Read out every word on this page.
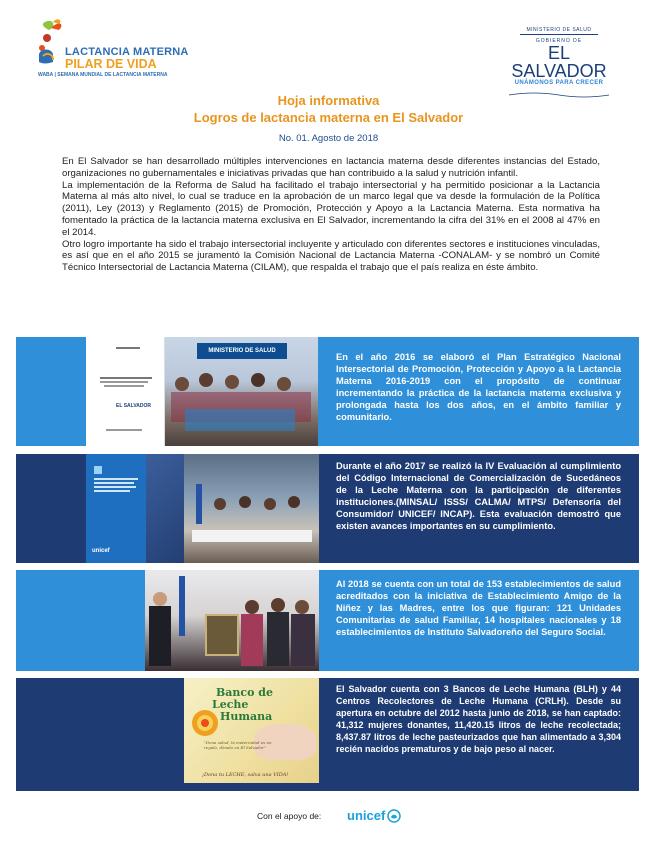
LACTANCIA MATERNA
PILAR DE VIDA
WABA | SEMANA MUNDIAL DE LACTANCIA MATERNA
MINISTERIO DE SALUD
GOBIERNO DE
EL SALVADOR
UNÁMONOS PARA CRECER
Hoja informativa
Logros de lactancia materna en El Salvador
No. 01. Agosto de 2018

En El Salvador se han desarrollado múltiples intervenciones en lactancia materna desde diferentes instancias del Estado, organizaciones no gubernamentales e iniciativas privadas que han contribuido a la salud y nutrición infantil.

La implementación de la Reforma de Salud ha facilitado el trabajo intersectorial y ha permitido posicionar a la Lactancia Materna al más alto nivel, lo cual se traduce en la aprobación de un marco legal que va desde la formulación de la Política (2011), Ley (2013) y Reglamento (2015) de Promoción, Protección y Apoyo a la Lactancia Materna. Esta normativa ha fomentado la práctica de la lactancia materna exclusiva en El Salvador, incrementando la cifra del 31% en el 2008 al 47% en el 2014.

Otro logro importante ha sido el trabajo intersectorial incluyente y articulado con diferentes sectores e instituciones vinculadas, es así que en el año 2015 se juramentó la Comisión Nacional de Lactancia Materna -CONALAM- y se nombró un Comité Técnico Intersectorial de Lactancia Materna (CILAM), que respalda el trabajo que el país realiza en éste ámbito.

EL SALVADOR
MINISTERIO DE SALUD
En el año 2016 se elaboró el Plan Estratégico Nacional Intersectorial de Promoción, Protección y Apoyo a la Lactancia Materna 2016-2019 con el propósito de continuar incrementando la práctica de la lactancia materna exclusiva y prolongada hasta los dos años, en el ámbito familiar y comunitario.
unicef
Durante el año 2017 se realizó la IV Evaluación al cumplimiento del Código Internacional de Comercialización de Sucedáneos de la Leche Materna con la participación de diferentes instituciones.(MINSAL/ ISSS/ CALMA/ MTPS/ Defensoría del Consumidor/ UNICEF/ INCAP). Esta evaluación demostró que existen avances importantes en su cumplimiento.
Al 2018 se cuenta con un total de 153 establecimientos de salud acreditados con la iniciativa de Establecimiento Amigo de la Niñez y las Madres, entre los que figuran: 121 Unidades Comunitarias de salud Familiar, 14 hospitales nacionales y 18 establecimientos de Instituto Salvadoreño del Seguro Social.
Banco de
Leche
Humana
"Dona salud, la maternidad es un regalo, dónalo en El Salvador"
¡Dona tu LECHE, salva una VIDA!
El Salvador cuenta con 3 Bancos de Leche Humana (BLH) y 44 Centros Recolectores de Leche Humana (CRLH). Desde su apertura en octubre del 2012 hasta junio de 2018, se han captado: 41,312 mujeres donantes, 11,420.15 litros de leche recolectada; 8,437.87 litros de leche pasteurizados que han alimentado a 3,304 recién nacidos prematuros y de bajo peso al nacer.
Con el apoyo de: unicef
